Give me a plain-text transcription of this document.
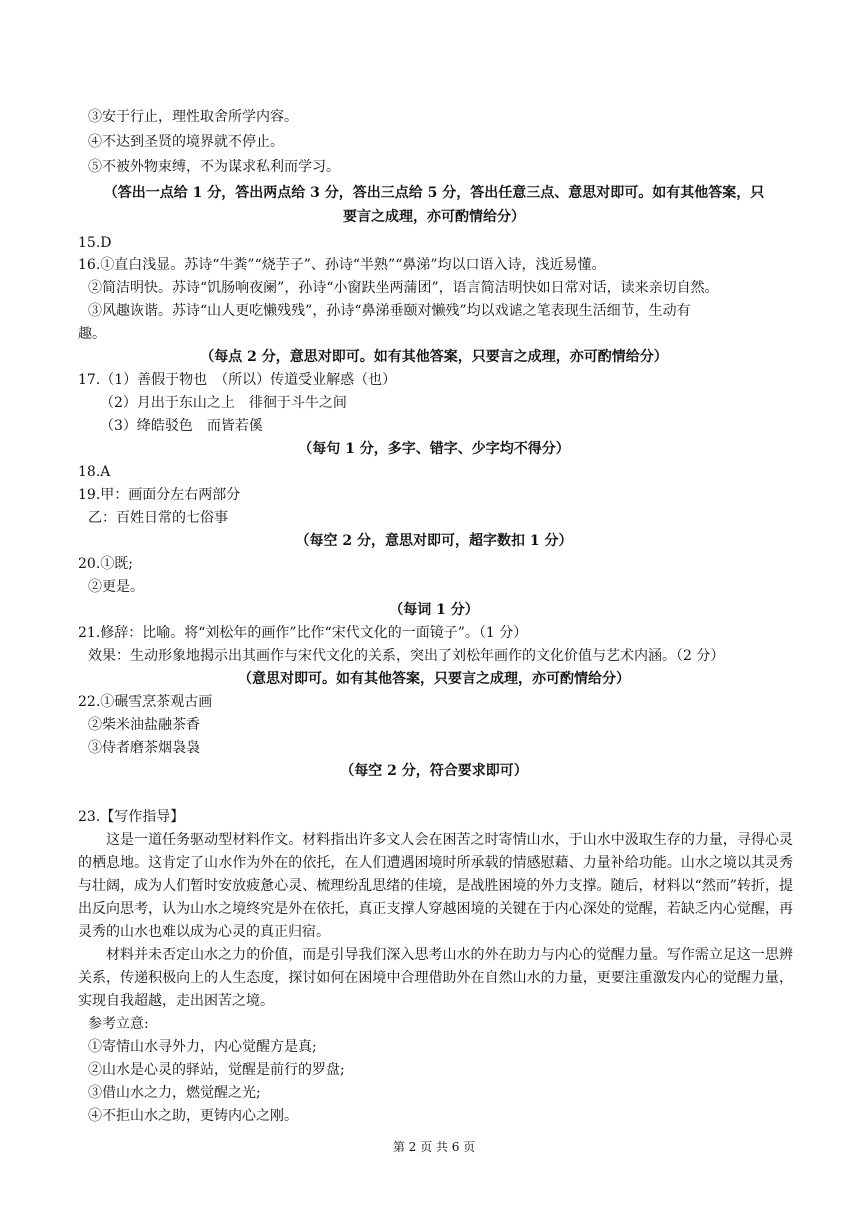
③安于行止，理性取舍所学内容。
④不达到圣贤的境界就不停止。
⑤不被外物束缚，不为谋求私利而学习。
（答出一点给 1 分，答出两点给 3 分，答出三点给 5 分，答出任意三点、意思对即可。如有其他答案，只
要言之成理，亦可酌情给分）
15.D
16.①直白浅显。苏诗“牛粪”“烧芋子”、孙诗“半熟”“鼻涕”均以口语入诗，浅近易懂。
②简洁明快。苏诗“饥肠响夜阑”，孙诗“小窗趺坐两蒲团”，语言简洁明快如日常对话，读来亲切自然。
③风趣诙谐。苏诗“山人更吃懒残残”，孙诗“鼻涕垂颐对懒残”均以戏谑之笔表现生活细节，生动有
趣。
（每点 2 分，意思对即可。如有其他答案，只要言之成理，亦可酌情给分）
17.（1）善假于物也　（所以）传道受业解惑（也）
（2）月出于东山之上　徘徊于斗牛之间
（3）绛皓驳色　而皆若傒
（每句 1 分，多字、错字、少字均不得分）
18.A
19.甲：画面分左右两部分
乙：百姓日常的七俗事
（每空 2 分，意思对即可，超字数扣 1 分）
20.①既;
②更是。
（每词 1 分）
21.修辞：比喻。将“刘松年的画作”比作“宋代文化的一面镜子”。（1 分）
效果：生动形象地揭示出其画作与宋代文化的关系，突出了刘松年画作的文化价值与艺术内涵。（2 分）
（意思对即可。如有其他答案，只要言之成理，亦可酌情给分）
22.①碾雪烹茶观古画
②柴米油盐融茶香
③侍者磨茶烟袅袅
（每空 2 分，符合要求即可）
23.【写作指导】
这是一道任务驱动型材料作文。材料指出许多文人会在困苦之时寄情山水，于山水中汲取生存的力量，寻得心灵的栖息地。这肯定了山水作为外在的依托，在人们遭遇困境时所承载的情感慰藉、力量补给功能。山水之境以其灵秀与壮阔，成为人们暂时安放疲惫心灵、梳理纷乱思绪的佳境，是战胜困境的外力支撑。随后，材料以“然而”转折，提出反向思考，认为山水之境终究是外在依托，真正支撑人穿越困境的关键在于内心深处的觉醒，若缺乏内心觉醒，再灵秀的山水也难以成为心灵的真正归宿。
材料并未否定山水之力的价值，而是引导我们深入思考山水的外在助力与内心的觉醒力量。写作需立足这一思辨关系，传递积极向上的人生态度，探讨如何在困境中合理借助外在自然山水的力量，更要注重激发内心的觉醒力量，实现自我超越，走出困苦之境。
参考立意:
①寄情山水寻外力，内心觉醒方是真;
②山水是心灵的驿站，觉醒是前行的罗盘;
③借山水之力，燃觉醒之光;
④不拒山水之助，更铸内心之刚。
第 2 页 共 6 页
